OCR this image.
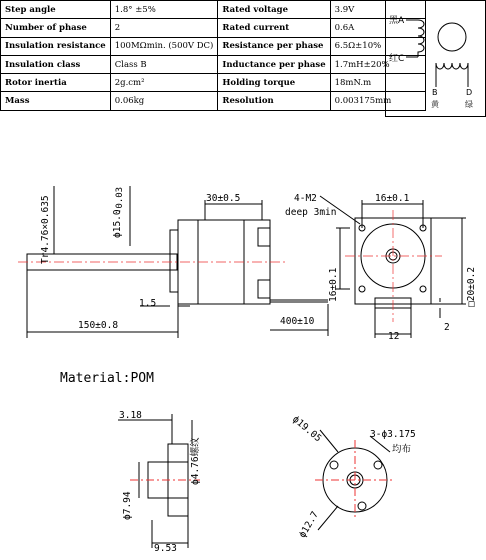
Step angle	1.8° ±5%	Rated voltage	3.9V
Number of phase	2	Rated current	0.6A
Insulation resistance	100MΩmin. (500V DC)	Resistance per phase	6.5Ω±10%
Insulation class	Class B	Inductance per phase	1.7mH±20%
Rotor inertia	2g.cm²	Holding torque	18mN.m
Mass	0.06kg	Resolution	0.003175mm
黑A
红C
B	D
黄	绿
Tr4.76×0.635	ϕ15.0
-0.03	30±0.5	4-M2
deep 3min
16±0.1
16±0.1	□20±0.2
1.5
400±10
150±0.8
12
2
Material:POM
3.18
ϕ4.76螺纹
ϕ7.94
9.53
ϕ19.05	3-ϕ3.175
均布
ϕ12.7
